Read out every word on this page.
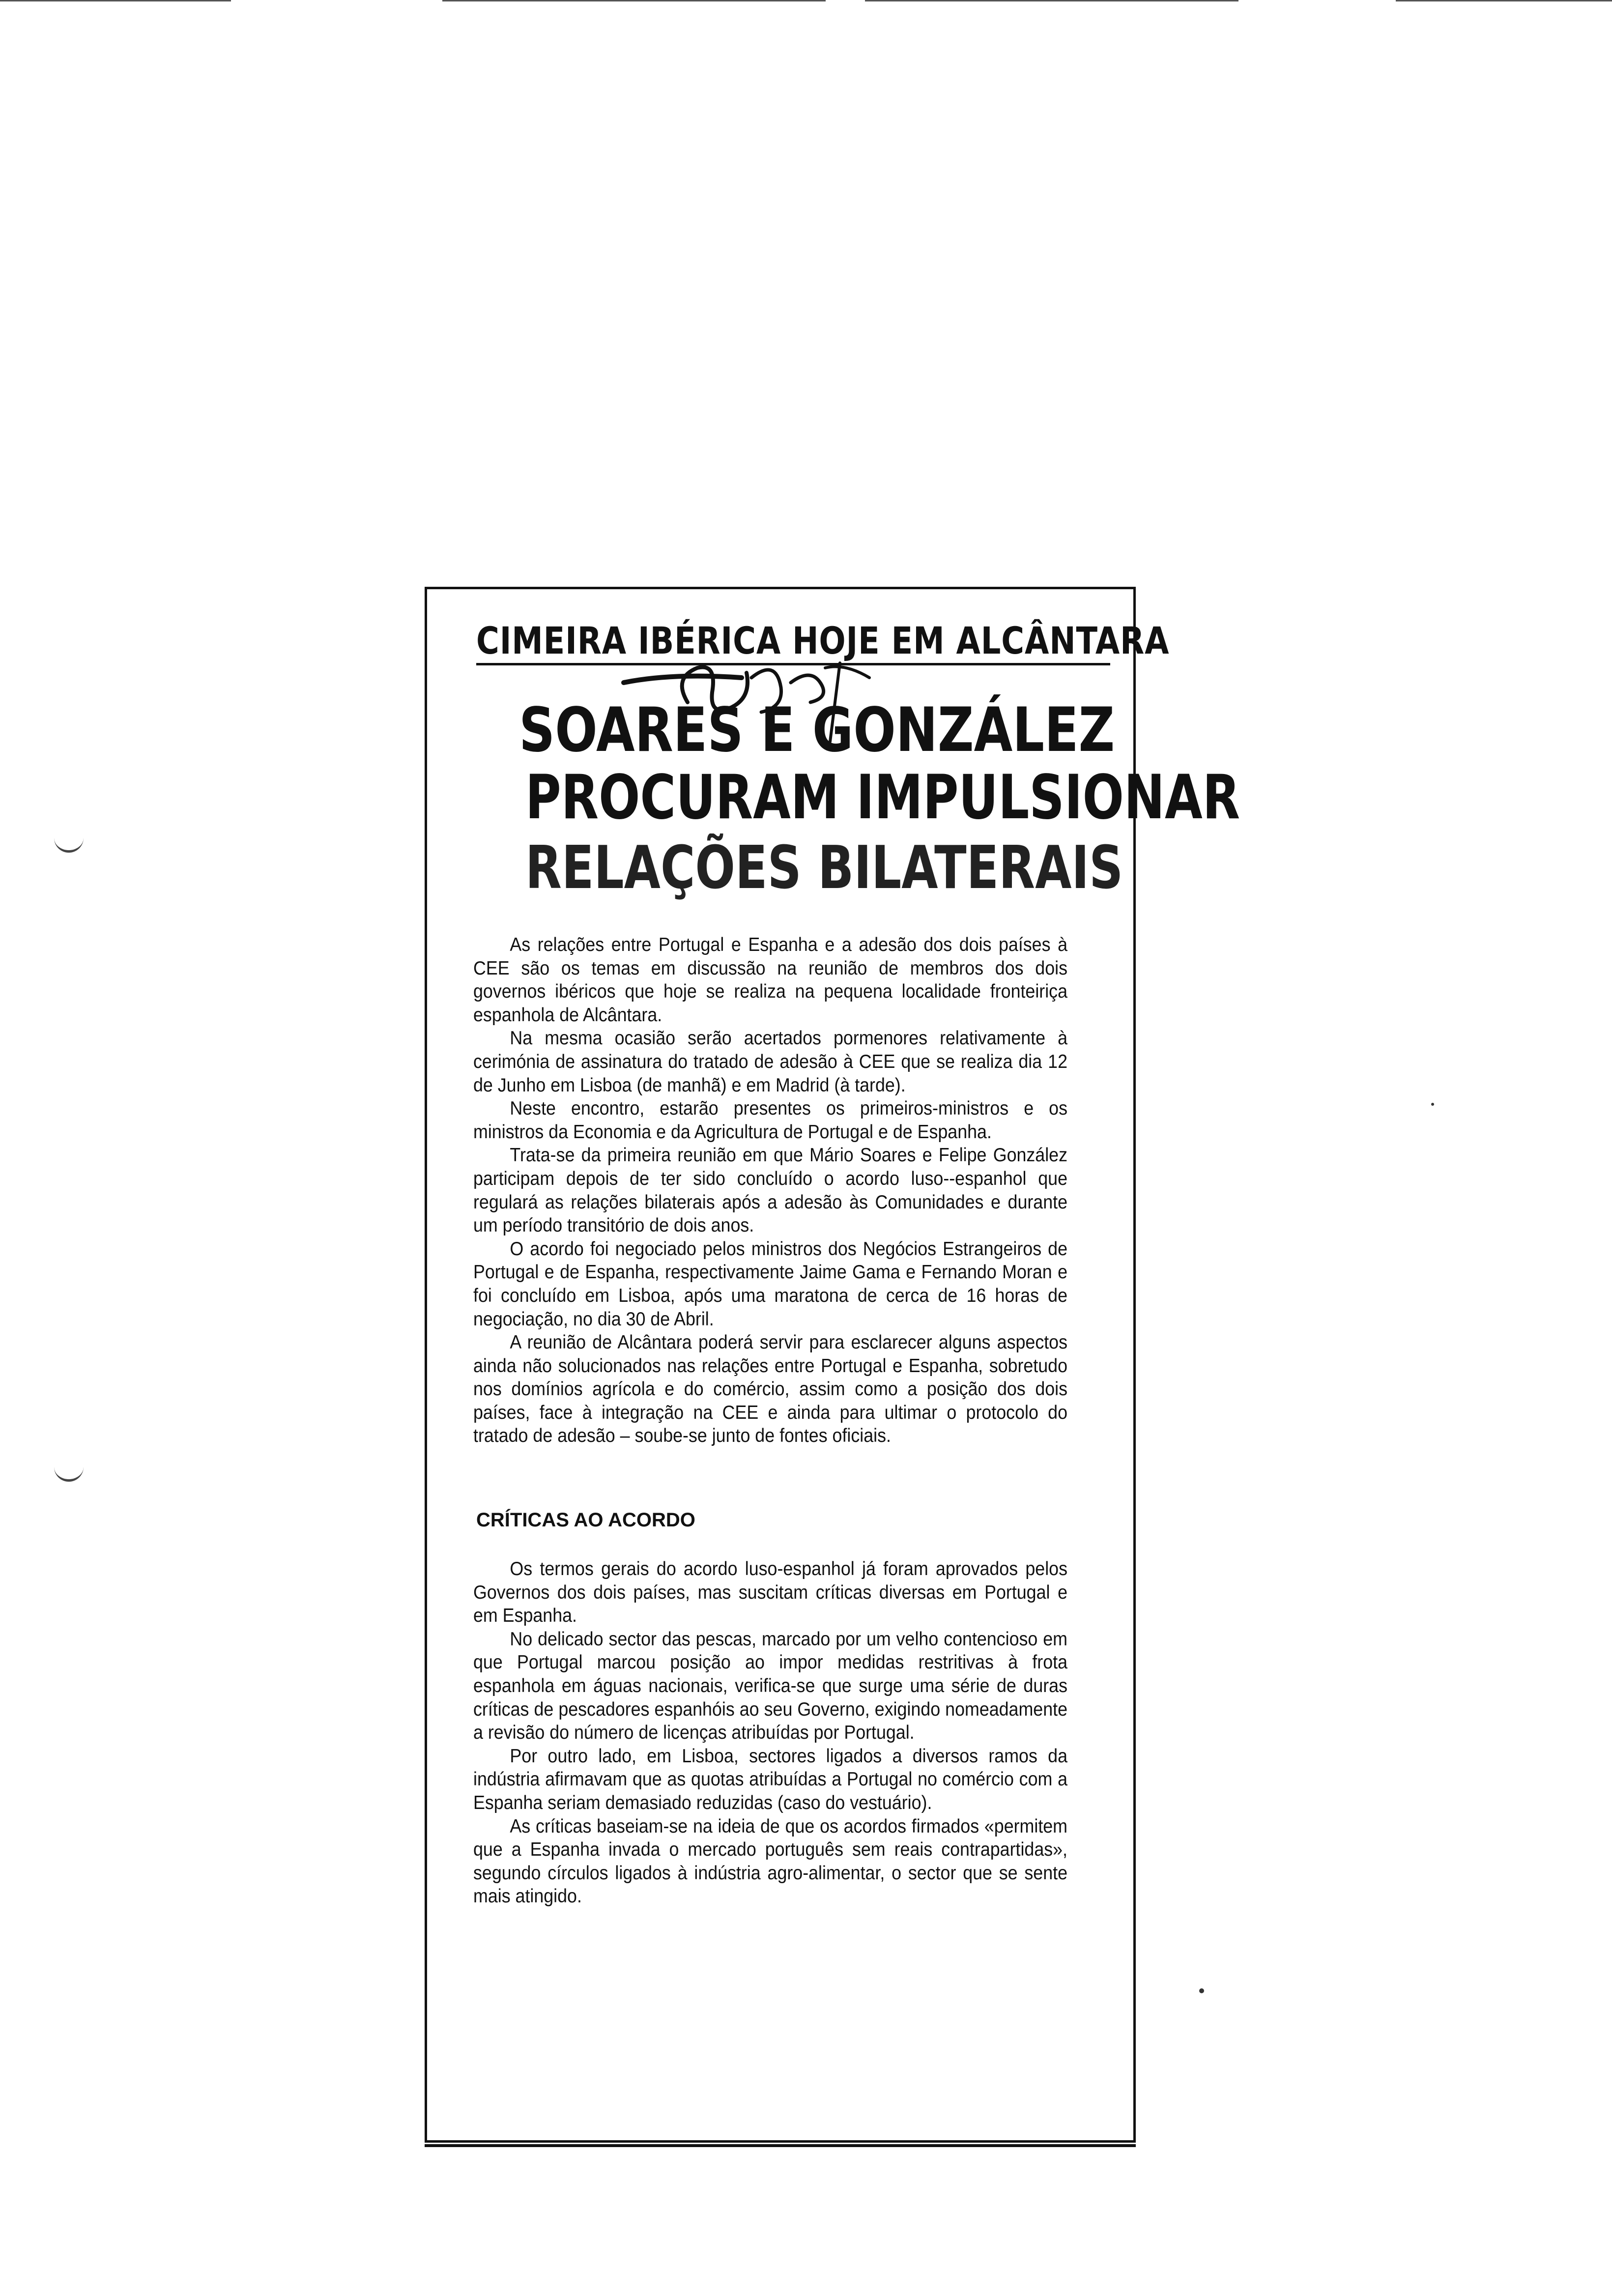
CIMEIRA IBÉRICA HOJE EM ALCÂNTARA
SOARES E GONZÁLEZ
PROCURAM IMPULSIONAR
RELAÇÕES BILATERAIS

As relações entre Portugal e Espanha e a adesão dos dois países à CEE são os temas em discussão na reunião de membros dos dois governos ibéricos que hoje se realiza na pequena localidade fronteiriça espanhola de Alcântara.

Na mesma ocasião serão acertados pormenores relativamente à cerimónia de assinatura do tratado de adesão à CEE que se realiza dia 12 de Junho em Lisboa (de manhã) e em Madrid (à tarde).

Neste encontro, estarão presentes os primeiros-ministros e os ministros da Economia e da Agricultura de Portugal e de Espanha.

Trata-se da primeira reunião em que Mário Soares e Felipe González participam depois de ter sido concluído o acordo luso--espanhol que regulará as relações bilaterais após a adesão às Comunidades e durante um período transitório de dois anos.

O acordo foi negociado pelos ministros dos Negócios Estrangeiros de Portugal e de Espanha, respectivamente Jaime Gama e Fernando Moran e foi concluído em Lisboa, após uma maratona de cerca de 16 horas de negociação, no dia 30 de Abril.

A reunião de Alcântara poderá servir para esclarecer alguns aspectos ainda não solucionados nas relações entre Portugal e Espanha, sobretudo nos domínios agrícola e do comércio, assim como a posição dos dois países, face à integração na CEE e ainda para ultimar o protocolo do tratado de adesão – soube-se junto de fontes oficiais.

CRÍTICAS AO ACORDO

Os termos gerais do acordo luso-espanhol já foram aprovados pelos Governos dos dois países, mas suscitam críticas diversas em Portugal e em Espanha.

No delicado sector das pescas, marcado por um velho contencioso em que Portugal marcou posição ao impor medidas restritivas à frota espanhola em águas nacionais, verifica-se que surge uma série de duras críticas de pescadores espanhóis ao seu Governo, exigindo nomeadamente a revisão do número de licenças atribuídas por Portugal.

Por outro lado, em Lisboa, sectores ligados a diversos ramos da indústria afirmavam que as quotas atribuídas a Portugal no comércio com a Espanha seriam demasiado reduzidas (caso do vestuário).

As críticas baseiam-se na ideia de que os acordos firmados «permitem que a Espanha invada o mercado português sem reais contrapartidas», segundo círculos ligados à indústria agro-alimentar, o sector que se sente mais atingido.
